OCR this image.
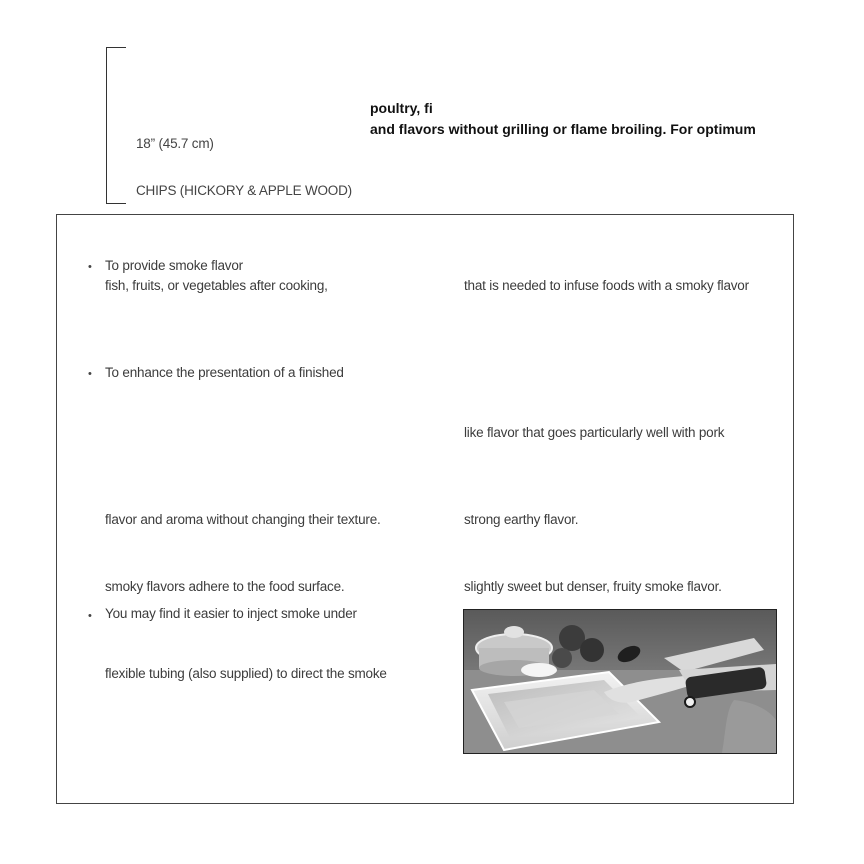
18” (45.7 cm)
CHIPS (HICKORY & APPLE WOOD)
poultry, fi
and flavors without grilling or flame broiling. For optimum
• To provide smoke flavor
fish, fruits, or vegetables after cooking,
• To enhance the presentation of a finished
flavor and aroma without changing their texture.
smoky flavors adhere to the food surface.
• You may find it easier to inject smoke under
flexible tubing (also supplied) to direct the smoke
that is needed to infuse foods with a smoky flavor
like flavor that goes particularly well with pork
strong earthy flavor.
slightly sweet but denser, fruity smoke flavor.
